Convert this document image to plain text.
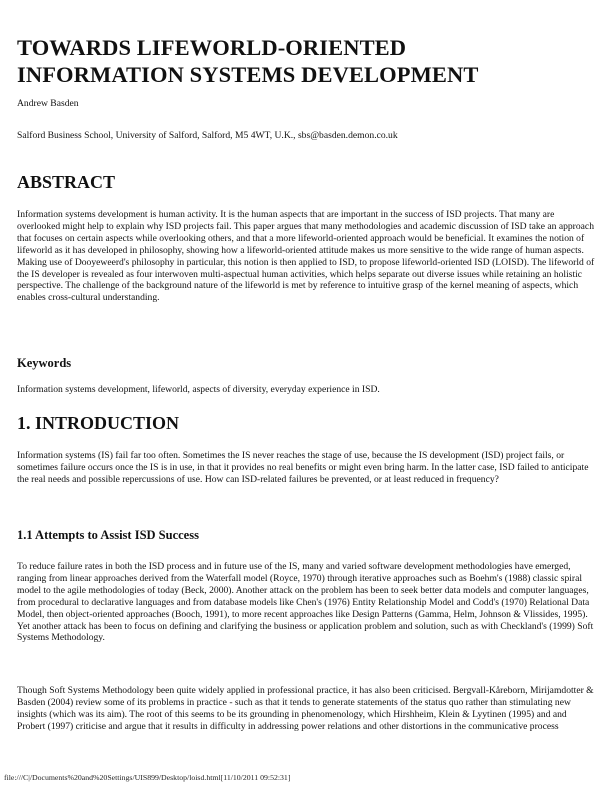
TOWARDS LIFEWORLD-ORIENTED
INFORMATION SYSTEMS DEVELOPMENT

Andrew Basden

Salford Business School, University of Salford, Salford, M5 4WT, U.K., sbs@basden.demon.co.uk

ABSTRACT

Information systems development is human activity. It is the human aspects that are important in the success of ISD projects. That many are overlooked might help to explain why ISD projects fail. This paper argues that many methodologies and academic discussion of ISD take an approach that focuses on certain aspects while overlooking others, and that a more lifeworld-oriented approach would be beneficial. It examines the notion of lifeworld as it has developed in philosophy, showing how a lifeworld-oriented attitude makes us more sensitive to the wide range of human aspects. Making use of Dooyeweerd's philosophy in particular, this notion is then applied to ISD, to propose lifeworld-oriented ISD (LOISD). The lifeworld of the IS developer is revealed as four interwoven multi-aspectual human activities, which helps separate out diverse issues while retaining an holistic perspective. The challenge of the background nature of the lifeworld is met by reference to intuitive grasp of the kernel meaning of aspects, which enables cross-cultural understanding.

Keywords

Information systems development, lifeworld, aspects of diversity, everyday experience in ISD.

1. INTRODUCTION

Information systems (IS) fail far too often. Sometimes the IS never reaches the stage of use, because the IS development (ISD) project fails, or sometimes failure occurs once the IS is in use, in that it provides no real benefits or might even bring harm. In the latter case, ISD failed to anticipate the real needs and possible repercussions of use. How can ISD-related failures be prevented, or at least reduced in frequency?

1.1 Attempts to Assist ISD Success

To reduce failure rates in both the ISD process and in future use of the IS, many and varied software development methodologies have emerged, ranging from linear approaches derived from the Waterfall model (Royce, 1970) through iterative approaches such as Boehm's (1988) classic spiral model to the agile methodologies of today (Beck, 2000). Another attack on the problem has been to seek better data models and computer languages, from procedural to declarative languages and from database models like Chen's (1976) Entity Relationship Model and Codd's (1970) Relational Data Model, then object-oriented approaches (Booch, 1991), to more recent approaches like Design Patterns (Gamma, Helm, Johnson & Vlissides, 1995). Yet another attack has been to focus on defining and clarifying the business or application problem and solution, such as with Checkland's (1999) Soft Systems Methodology.

Though Soft Systems Methodology been quite widely applied in professional practice, it has also been criticised. Bergvall-Kåreborn, Mirijamdotter & Basden (2004) review some of its problems in practice - such as that it tends to generate statements of the status quo rather than stimulating new insights (which was its aim). The root of this seems to be its grounding in phenomenology, which Hirshheim, Klein & Lyytinen (1995) and and Probert (1997) criticise and argue that it results in difficulty in addressing power relations and other distortions in the communicative process

file:///C|/Documents%20and%20Settings/UIS899/Desktop/loisd.html[11/10/2011 09:52:31]
